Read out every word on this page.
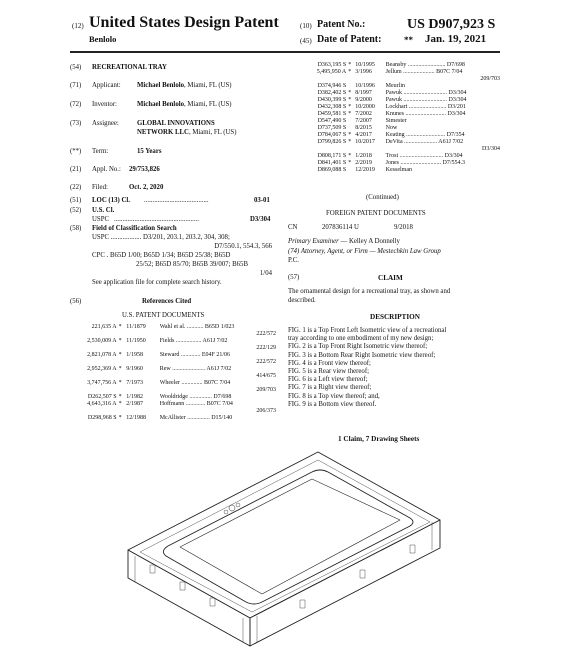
(12) United States Design Patent
Benlolo
(10) Patent No.:	US D907,923 S
(45) Date of Patent:	** Jan. 19, 2021
(54) RECREATIONAL TRAY
(71) Applicant: Michael Benlolo, Miami, FL (US)
(72) Inventor:	Michael Benlolo, Miami, FL (US)
(73) Assignee:	GLOBAL INNOVATIONS
NETWORK LLC, Miami, FL (US)
(**) Term:	15 Years
(21) Appl. No.: 29/753,826
(22) Filed:	Oct. 2, 2020
(51) LOC (13) Cl. ......................................	03-01
(52) U.S. Cl.
USPC ..................................................	D3/304
(58) Field of Classification Search
USPC .................. D3/201, 203.1, 203.2, 304, 308;
D7/550.1, 554.3, 566
CPC . B65D 1/00; B65D 1/34; B65D 25/38; B65D
25/52; B65D 85/70; B65B 39/007; B65B
1/04
See application file for complete search history.
(56)	References Cited
U.S. PATENT DOCUMENTS
221,635 A	*	11/1879	Wahl et al. ........... B65D 1/023
			222/572
2,530,009 A	*	11/1950	Fields ................. A61J 7/02
			222/129
2,821,078 A	*	1/1958	Steward ............. E04F 21/06
			222/572
2,952,369 A	*	9/1960	Rew ...................... A61J 7/02
			414/675
3,747,756 A	*	7/1973	Wheeler .............. B07C 7/04
			209/703
D262,507 S	*	1/1982	Wooldridge ............... D7/698
4,643,316 A	*	2/1987	Hoffmann ............. B07C 7/04
			206/373
D298,968 S	*	12/1988	McAllister ............... D15/140
D363,195 S	*	10/1995	Beansby ......................... D7/698
5,495,950 A	*	3/1996	Jellum ..................... B07C 7/04
			209/703
D374,946 S		10/1996	Meurlin
D382,402 S	*	8/1997	Pawuk ............................. D3/304
D430,399 S	*	9/2000	Pawuk ............................. D3/304
D432,308 S	*	10/2000	Lockhart ......................... D3/201
D459,581 S	*	7/2002	Knunes ........................... D3/304
D547,490 S		7/2007	Simester
D737,509 S		8/2015	Now
D784,067 S	*	4/2017	Keating .......................... D7/354
D799,826 S	*	10/2017	DeVita ...................... A61J 7/02
			D3/304
D808,171 S	*	1/2018	Trost ............................. D3/304
D841,401 S	*	2/2019	Jones ........................... D7/554.3
D869,088 S		12/2019	Kesselman
(Continued)
FOREIGN PATENT DOCUMENTS
CN	207836114 U	9/2018
Primary Examiner — Kelley A Donnelly
(74) Attorney, Agent, or Firm — Mestechkin Law Group
P.C.
(57)	CLAIM
The ornamental design for a recreational tray, as shown and
described.
DESCRIPTION
FIG. 1 is a Top Front Left Isometric view of a recreational
tray according to one embodiment of my new design;
FIG. 2 is a Top Front Right Isometric view thereof;
FIG. 3 is a Bottom Rear Right Isometric view thereof;
FIG. 4 is a Front view thereof;
FIG. 5 is a Rear view thereof;
FIG. 6 is a Left view thereof;
FIG. 7 is a Right view thereof;
FIG. 8 is a Top view thereof; and,
FIG. 9 is a Bottom view thereof.
1 Claim, 7 Drawing Sheets
